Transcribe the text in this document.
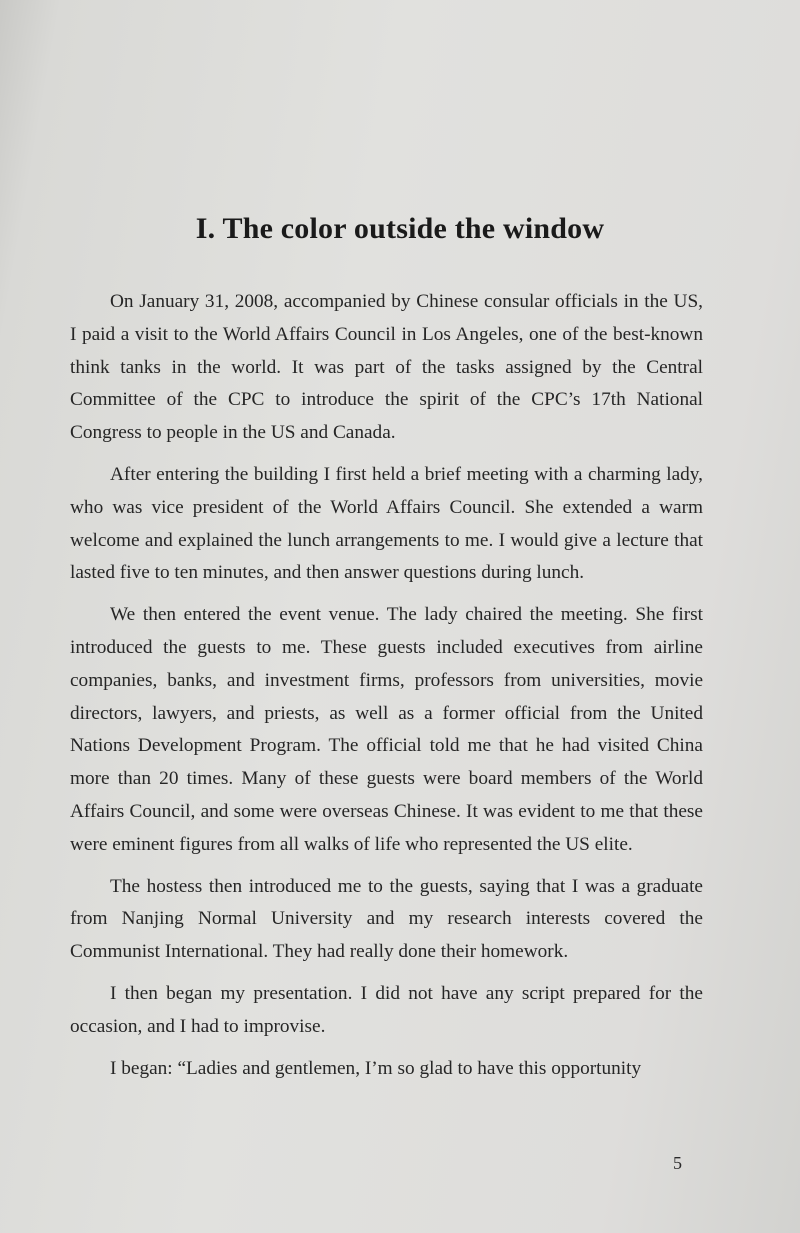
I. The color outside the window

On January 31, 2008, accompanied by Chinese consular officials in the US, I paid a visit to the World Affairs Council in Los Angeles, one of the best-known think tanks in the world. It was part of the tasks assigned by the Central Committee of the CPC to introduce the spirit of the CPC’s 17th National Congress to people in the US and Canada.

After entering the building I first held a brief meeting with a charming lady, who was vice president of the World Affairs Council. She extended a warm welcome and explained the lunch arrangements to me. I would give a lecture that lasted five to ten minutes, and then answer questions during lunch.

We then entered the event venue. The lady chaired the meeting. She first introduced the guests to me. These guests included executives from airline companies, banks, and investment firms, professors from universities, movie directors, lawyers, and priests, as well as a former official from the United Nations Development Program. The official told me that he had visited China more than 20 times. Many of these guests were board members of the World Affairs Council, and some were overseas Chinese. It was evident to me that these were eminent figures from all walks of life who represented the US elite.

The hostess then introduced me to the guests, saying that I was a graduate from Nanjing Normal University and my research interests covered the Communist International. They had really done their homework.

I then began my presentation. I did not have any script prepared for the occasion, and I had to improvise.

I began: “Ladies and gentlemen, I’m so glad to have this opportunity

5
